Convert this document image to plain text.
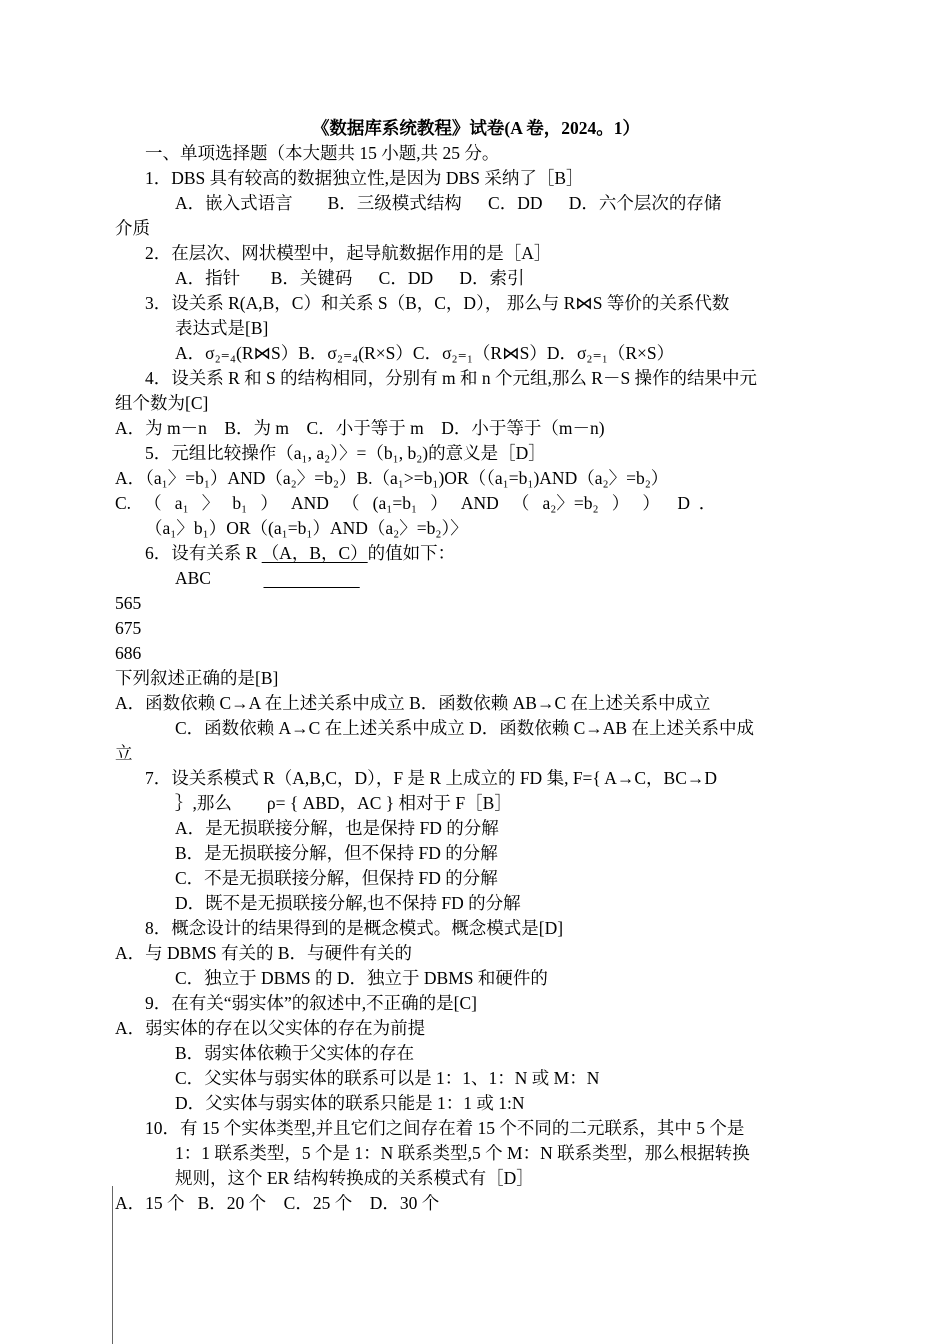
《数据库系统教程》试卷(A 卷，2024。1）
一、单项选择题（本大题共 15 小题,共 25 分。
1．DBS 具有较高的数据独立性,是因为 DBS 采纳了［B］
A．嵌入式语言        B．三级模式结构      C．DD      D．六个层次的存储
介质
2．在层次、网状模型中，起导航数据作用的是［A］
A．指针       B．关键码      C．DD      D．索引
3．设关系 R(A,B，C）和关系 S（B，C，D）， 那么与 R⋈S 等价的关系代数
表达式是[B]
A．σ₂₌₄(R⋈S）B．σ₂₌₄(R×S）C．σ₂₌₁（R⋈S）D．σ₂₌₁（R×S）
4．设关系 R 和 S 的结构相同，分别有 m 和 n 个元组,那么 R－S 操作的结果中元
组个数为[C]
A．为 m－n    B．为 m    C．小于等于 m    D．小于等于（m－n)
5．元组比较操作（a₁, a₂）〉=（b₁, b₂)的意义是［D］
A．（a₁〉=b₁）AND（a₂〉=b₂）B.（a₁>=b₁)OR（（a₁=b₁)AND（a₂〉=b₂）
C.   （   a₁   〉   b₁   ）   AND   （   (a₁=b₁   ）   AND   （   a₂〉=b₂   ）   ）    D  ．
（a₁〉b₁）OR（(a₁=b₁）AND（a₂〉=b₂）〉
6．设有关系 R （A，B，C）的值如下：
ABC
565
675
686
下列叙述正确的是[B]
A．函数依赖 C→A 在上述关系中成立 B．函数依赖 AB→C 在上述关系中成立
C．函数依赖 A→C 在上述关系中成立 D．函数依赖 C→AB 在上述关系中成
立
7．设关系模式 R（A,B,C，D），F 是 R 上成立的 FD 集, F={ A→C，BC→D
｝,那么        ρ= { ABD，AC } 相对于 F［B］
A．是无损联接分解，也是保持 FD 的分解
B．是无损联接分解，但不保持 FD 的分解
C．不是无损联接分解，但保持 FD 的分解
D．既不是无损联接分解,也不保持 FD 的分解
8．概念设计的结果得到的是概念模式。概念模式是[D]
A．与 DBMS 有关的 B．与硬件有关的
C．独立于 DBMS 的 D．独立于 DBMS 和硬件的
9．在有关“弱实体”的叙述中,不正确的是[C]
A．弱实体的存在以父实体的存在为前提
B．弱实体依赖于父实体的存在
C．父实体与弱实体的联系可以是 1：1、1：N 或 M：N
D．父实体与弱实体的联系只能是 1：1 或 1:N
10．有 15 个实体类型,并且它们之间存在着 15 个不同的二元联系，其中 5 个是
1：1 联系类型，5 个是 1：N 联系类型,5 个 M：N 联系类型，那么根据转换
规则，这个 ER 结构转换成的关系模式有［D］
A．15 个   B．20 个    C．25 个    D．30 个
